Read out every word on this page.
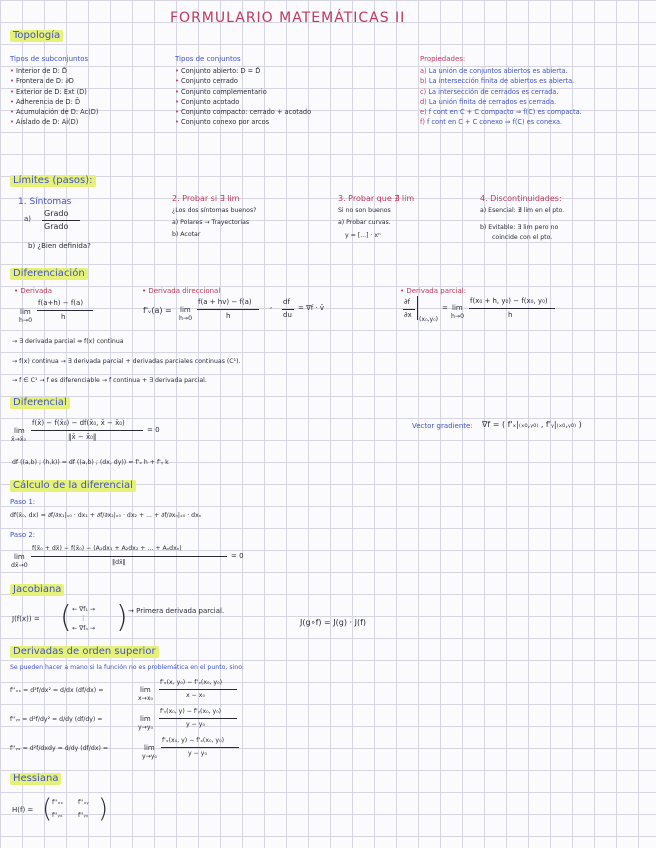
FORMULARIO MATEMÁTICAS II
Topología
Tipos de subconjuntos
• Interior de D: D̊
• Frontera de D: ∂D
• Exterior de D: Ext (D)
• Adherencia de D: D̄
• Acumulación de D: Ac(D)
• Aislado de D: Ai(D)
Tipos de conjuntos
• Conjunto abierto: D = D̊
• Conjunto cerrado
• Conjunto complementario
• Conjunto acotado
• Conjunto compacto: cerrado + acotado
• Conjunto conexo por arcos
Propiedades:
a) La unión de conjuntos abiertos es abierta.
b) La intersección finita de abiertos es abierta.
c) La intersección de cerrados es cerrada.
d) La unión finita de cerrados es cerrada.
e) f cont en C + C compacto ⇒ f(C) es compacta.
f) f cont en C + C conexo ⇒ f(C) es conexa.
Límites (pasos):
1. Síntomas
a)
Grado
Grado
b) ¿Bien definida?
2. Probar si ∃ lim
¿Los dos síntomas buenos?
a) Polares → Trayectorias
b) Acotar
3. Probar que ∄ lim
Si no son buenos
a) Probar curvas.
y = [...] · xⁿ
4. Discontinuidades:
a) Esencial: ∄ lim en el pto.
b) Evitable: ∃ lim pero no
coincide con el pto.
Diferenciación
• Derivada
lim
h→0
f(a+h) − f(a)
h
• Derivada direccional
f'ᵥ(a) = lim
h→0
f(a + hv) − f(a)
h
, df
du
= ∇f · v̄
• Derivada parcial:
∂f
∂x
(x₀,y₀)
= lim
h→0
f(x₀ + h, y₀) − f(x₀, y₀)
h
→ ∃ derivada parcial ⇸ f(x) continua
→ f(x) continua → ∃ derivada parcial + derivadas parciales continuas (C¹).
→ f ∈ C¹ → f es diferenciable → f continua + ∃ derivada parcial.
Diferencial
lim
x̄→x̄₀
f(x̄) − f(x̄₀) − df(x̄₀, x̄ − x̄₀)
‖x̄ − x̄₀‖
= 0	Vector gradiente: ∇f = ( f'ₓ|₍ₓ₀,ᵧ₀₎ , f'ᵧ|₍ₓ₀,ᵧ₀₎ )
df ((a,b) ; (h,k)) = df ((a,b) ; (dx, dy)) = f'ₓ h + f'ᵧ k
Cálculo de la diferencial
Paso 1:
df(x̄₀, dx) = ∂f/∂x₁|ₓ₀ · dx₁ + ∂f/∂x₂|ₓ₀ · dx₂ + ... + ∂f/∂xₙ|ₓ₀ · dxₙ
Paso 2:
lim
dx̄→0
f(x̄₀ + dx̄) − f(x̄₀) − (A₁dx₁ + A₂dx₂ + ... + Aₙdxₙ)
‖dx̄‖
= 0
Jacobiana
J(f(x)) = ( ← ∇f₁ →
⋮
← ∇fₙ → ) → Primera derivada parcial.
J(g∘f) = J(g) · J(f)
Derivadas de orden superior
Se pueden hacer a mano si la función no es problemática en el punto, sino:
f''ₓₓ = d²f/dx² = d/dx (df/dx) =	lim
x→x₀
f'ₓ(x, y₀) − f'ₓ(x₀, y₀)
x − x₀
f''ᵧᵧ = d²f/dy² = d/dy (df/dy) =	lim
y→y₀
f'ᵧ(x₀, y) − f'ᵧ(x₀, y₀)
y − y₀
f''ᵧₓ = d²f/dxdy = d/dy (df/dx) =	lim
y→y₀
f'ₓ(x₀, y) − f'ₓ(x₀, y₀)
y − y₀
Hessiana
H(f) = ( f''ₓₓ f''ₓᵧ
f''ᵧₓ f''ᵧᵧ )
